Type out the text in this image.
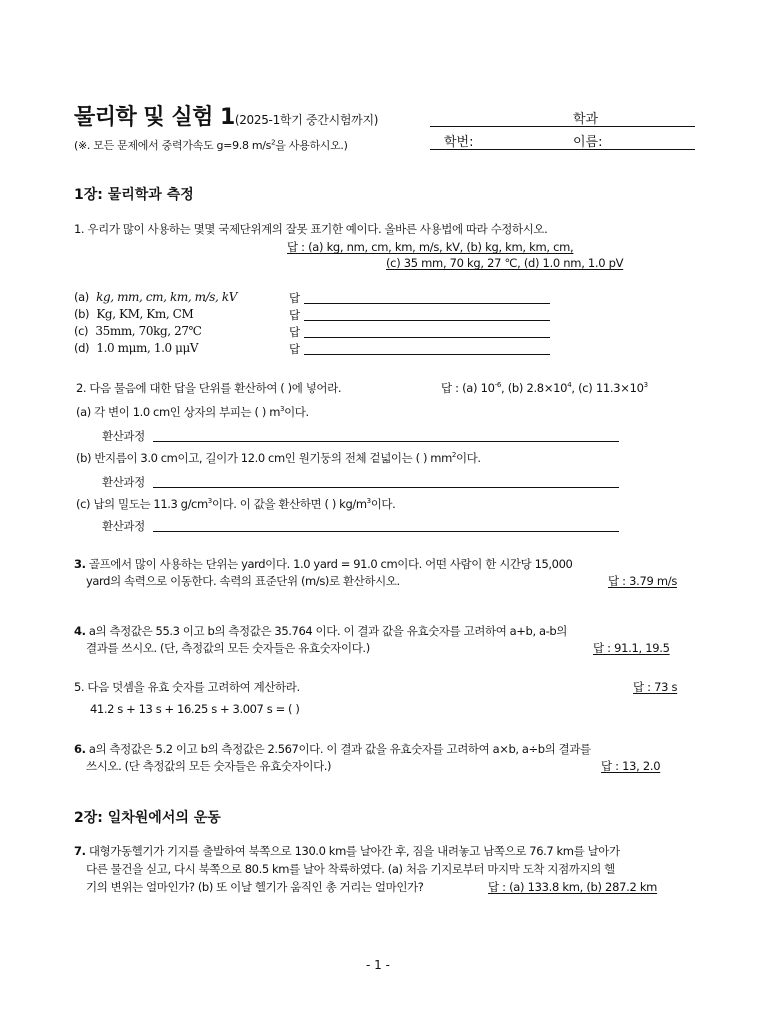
물리학 및 실험 1(2025-1학기 중간시험까지)
(※. 모든 문제에서 중력가속도 g=9.8 $m/s^2$을 사용하시오.)
학과
학번:	이름:
1장: 물리학과 측정
1. 우리가 많이 사용하는 몇몇 국제단위계의 잘못 표기한 예이다. 올바른 사용법에 따라 수정하시오.
답 : (a) kg, nm, cm, km, m/s, kV, (b) kg, km, km, cm,
(c) 35 mm, 70 kg, 27 ℃, (d) 1.0 nm, 1.0 pV
(a) kg, mm, cm, km, m/s, kV	답
(b) Kg, KM, Km, CM	답
(c) 35mm, 70kg, 27℃	답
(d) 1.0 mμm, 1.0 μμV	답
2. 다음 물음에 대한 답을 단위를 환산하여 ( )에 넣어라.	답 : (a) $10^{-6}$, (b) $2.8\times 10^4$, (c) $11.3\times 10^3$
(a) 각 변이 1.0 cm인 상자의 부피는 ( ) $m^3$이다.
환산과정
(b) 반지름이 3.0 cm이고, 길이가 12.0 cm인 원기둥의 전체 겉넓이는 ( ) $mm^2$이다.
환산과정
(c) 납의 밀도는 11.3 $g/cm^3$이다. 이 값을 환산하면 ( ) $kg/m^3$이다.
환산과정
3. 골프에서 많이 사용하는 단위는 yard이다. 1.0 yard = 91.0 cm이다. 어떤 사람이 한 시간당 15,000
yard의 속력으로 이동한다. 속력의 표준단위 (m/s)로 환산하시오.	답 : 3.79 m/s
4. a의 측정값은 55.3 이고 b의 측정값은 35.764 이다. 이 결과 값을 유효숫자를 고려하여 a+b, a-b의
결과를 쓰시오. (단, 측정값의 모든 숫자들은 유효숫자이다.)	답 : 91.1, 19.5
5. 다음 덧셈을 유효 숫자를 고려하여 계산하라.	답 : 73 s
41.2 s + 13 s + 16.25 s + 3.007 s = ( )
6. a의 측정값은 5.2 이고 b의 측정값은 2.567이다. 이 결과 값을 유효숫자를 고려하여 a×b, a÷b의 결과를
쓰시오. (단 측정값의 모든 숫자들은 유효숫자이다.)	답 : 13, 2.0
2장: 일차원에서의 운동
7. 대형가동헬기가 기지를 출발하여 북쪽으로 130.0 km를 날아간 후, 짐을 내려놓고 남쪽으로 76.7 km를 날아가
다른 물건을 싣고, 다시 북쪽으로 80.5 km를 날아 착륙하였다. (a) 처음 기지로부터 마지막 도착 지점까지의 헬
기의 변위는 얼마인가? (b) 또 이날 헬기가 움직인 총 거리는 얼마인가?	답 : (a) 133.8 km, (b) 287.2 km
- 1 -
